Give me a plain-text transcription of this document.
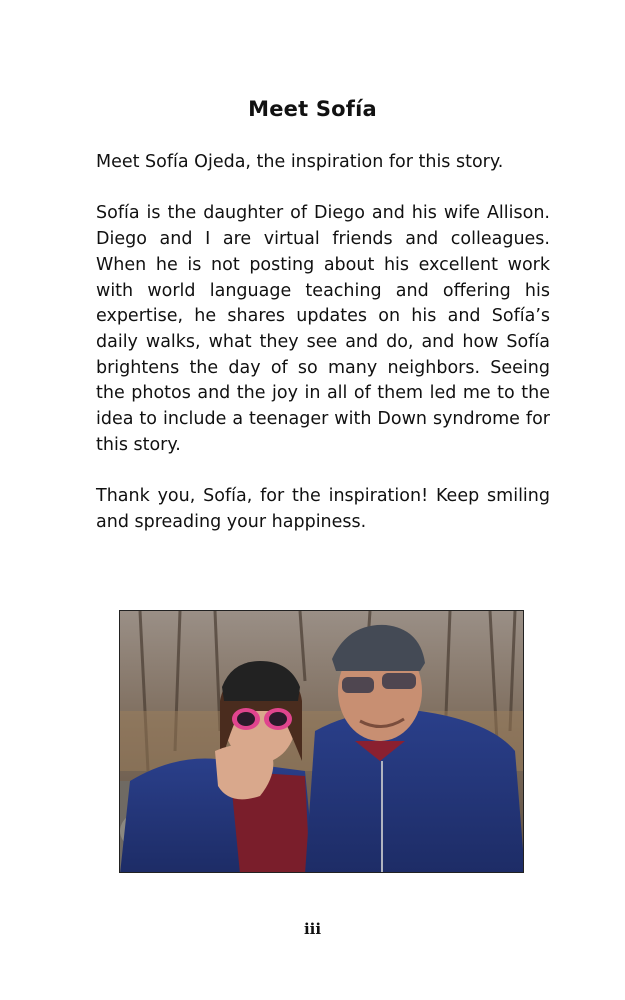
Meet Sofía

Meet Sofía Ojeda, the inspiration for this story.

Sofía is the daughter of Diego and his wife Allison. Diego and I are virtual friends and colleagues. When he is not posting about his excellent work with world language teaching and offering his expertise, he shares updates on his and Sofía’s daily walks, what they see and do, and how Sofía brightens the day of so many neighbors. Seeing the photos and the joy in all of them led me to the idea to include a teenager with Down syndrome for this story.

Thank you, Sofía, for the inspiration! Keep smiling and spreading your happiness.

iii
